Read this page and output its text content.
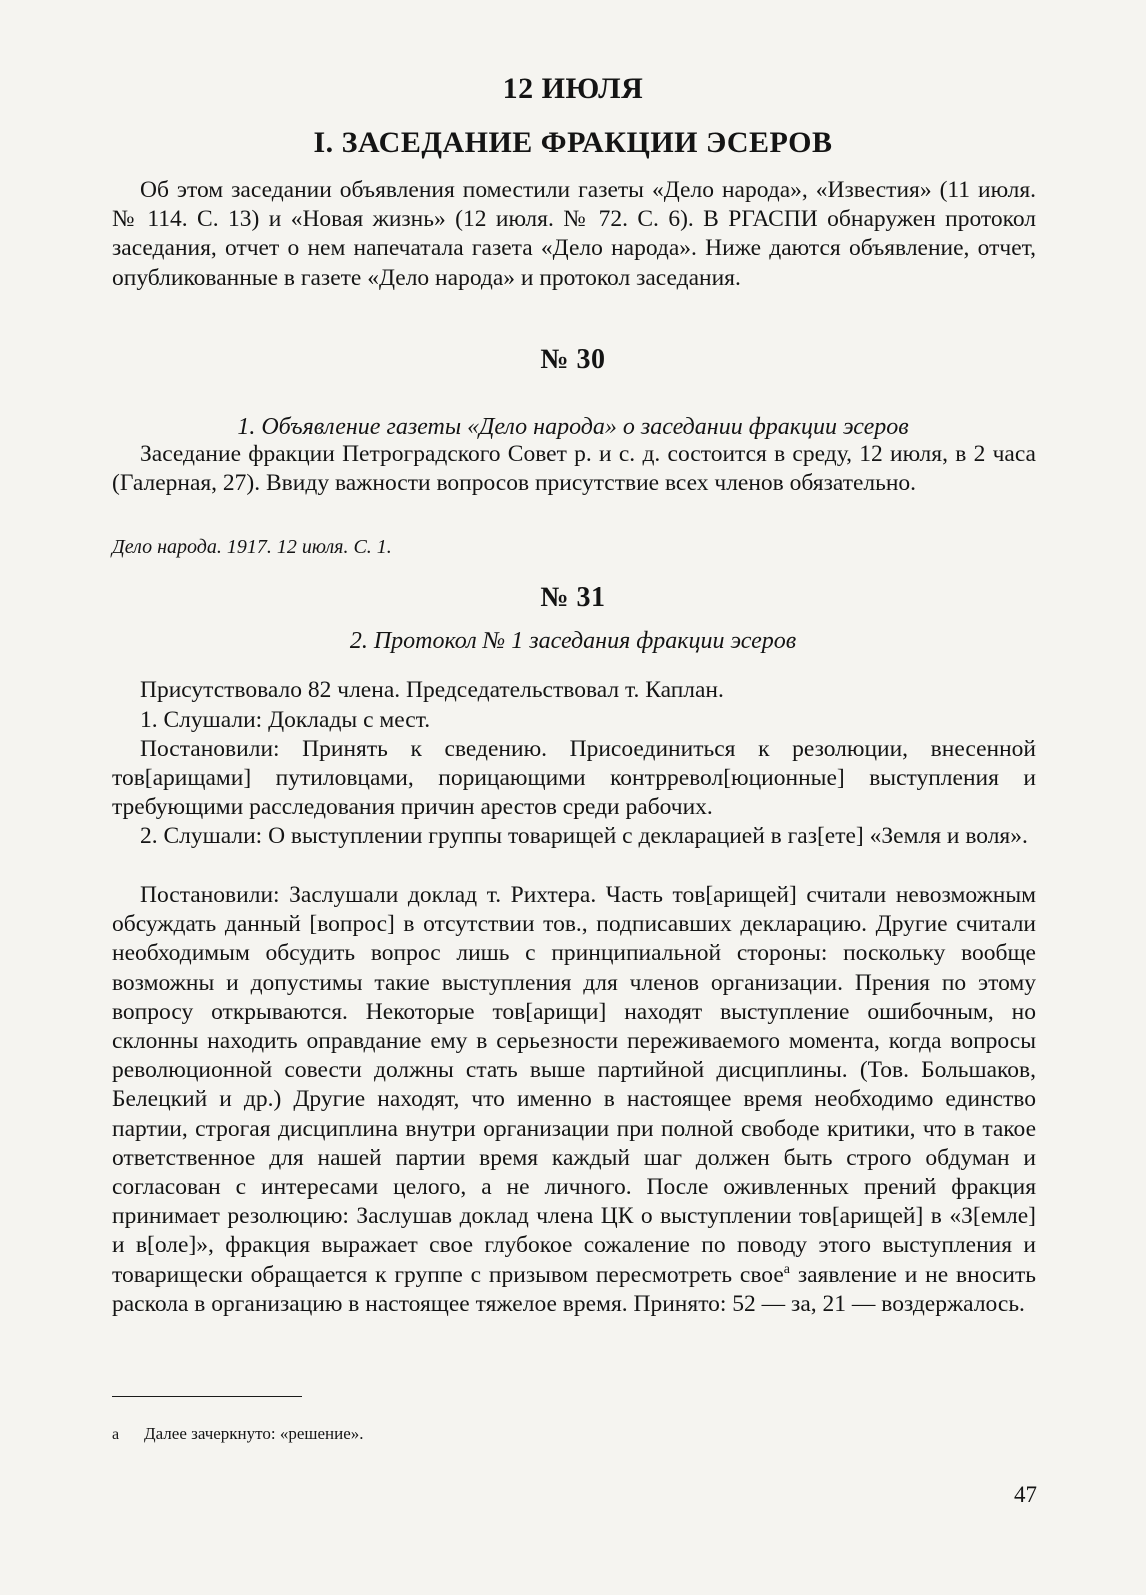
12 ИЮЛЯ
I. ЗАСЕДАНИЕ ФРАКЦИИ ЭСЕРОВ
Об этом заседании объявления поместили газеты «Дело народа», «Известия» (11 июля. № 114. С. 13) и «Новая жизнь» (12 июля. № 72. С. 6). В РГАСПИ обнаружен протокол заседания, отчет о нем напечатала газета «Дело народа». Ниже даются объявление, отчет, опубликованные в газете «Дело народа» и протокол заседания.
№ 30
1. Объявление газеты «Дело народа» о заседании фракции эсеров
Заседание фракции Петроградского Совет р. и с. д. состоится в среду, 12 июля, в 2 часа (Галерная, 27). Ввиду важности вопросов присутствие всех членов обязательно.
Дело народа. 1917. 12 июля. С. 1.
№ 31
2. Протокол № 1 заседания фракции эсеров
Присутствовало 82 члена. Председательствовал т. Каплан.
1. Слушали: Доклады с мест.
Постановили: Принять к сведению. Присоединиться к резолюции, внесенной тов[арищами] путиловцами, порицающими контрревол[юционные] выступления и требующими расследования причин арестов среди рабочих.
2. Слушали: О выступлении группы товарищей с декларацией в газ[ете] «Земля и воля».
Постановили: Заслушали доклад т. Рихтера. Часть тов[арищей] считали невозможным обсуждать данный [вопрос] в отсутствии тов., подписавших декларацию. Другие считали необходимым обсудить вопрос лишь с принципиальной стороны: поскольку вообще возможны и допустимы такие выступления для членов организации. Прения по этому вопросу открываются. Некоторые тов[арищи] находят выступление ошибочным, но склонны находить оправдание ему в серьезности переживаемого момента, когда вопросы революционной совести должны стать выше партийной дисциплины. (Тов. Большаков, Белецкий и др.) Другие находят, что именно в настоящее время необходимо единство партии, строгая дисциплина внутри организации при полной свободе критики, что в такое ответственное для нашей партии время каждый шаг должен быть строго обдуман и согласован с интересами целого, а не личного. После оживленных прений фракция принимает резолюцию: Заслушав доклад члена ЦК о выступлении тов[арищей] в «З[емле] и в[оле]», фракция выражает свое глубокое сожаление по поводу этого выступления и товарищески обращается к группе с призывом пересмотреть свое$^а$ заявление и не вносить раскола в организацию в настоящее тяжелое время. Принято: 52 — за, 21 — воздержалось.
а Далее зачеркнуто: «решение».
47
